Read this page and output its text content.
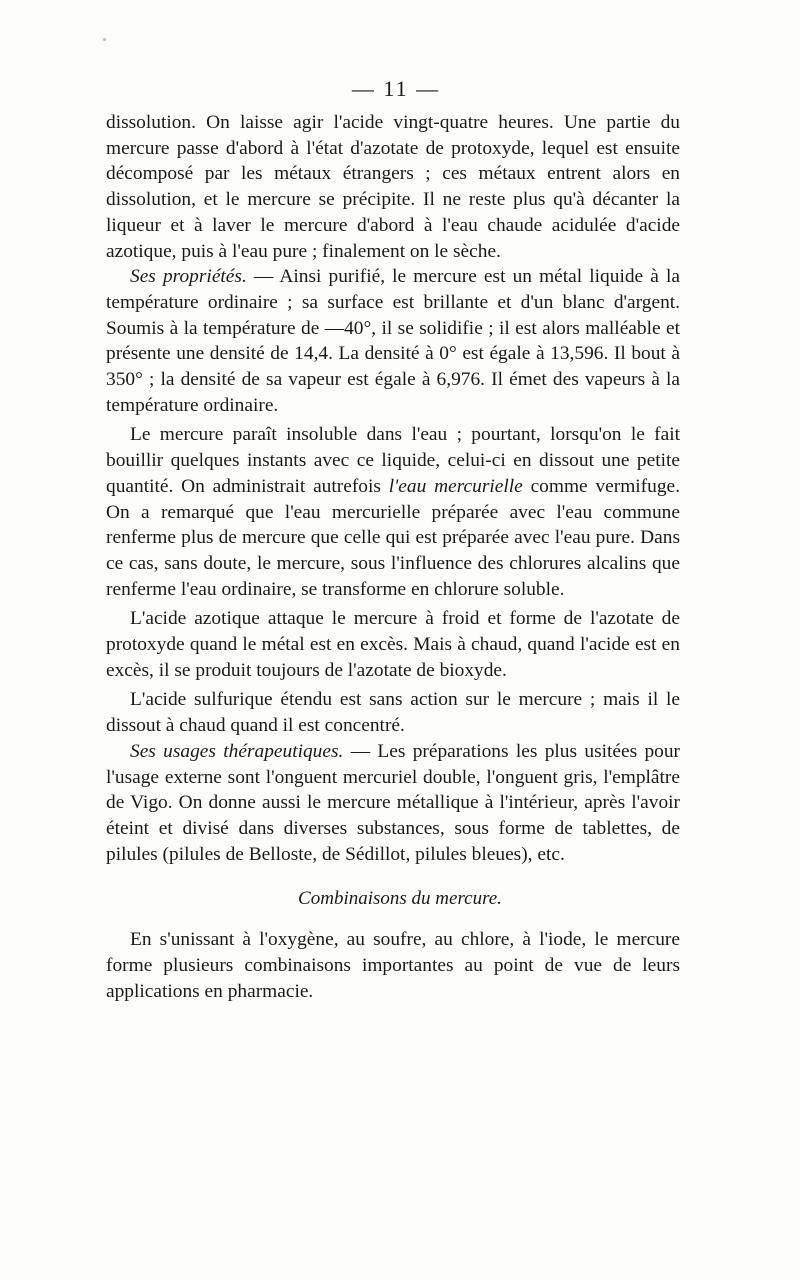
— 11 —

dissolution. On laisse agir l'acide vingt-quatre heures. Une partie du mercure passe d'abord à l'état d'azotate de protoxyde, lequel est ensuite décomposé par les métaux étrangers ; ces métaux entrent alors en dissolution, et le mercure se précipite. Il ne reste plus qu'à décanter la liqueur et à laver le mercure d'abord à l'eau chaude acidulée d'acide azotique, puis à l'eau pure ; finalement on le sèche.

Ses propriétés. — Ainsi purifié, le mercure est un métal liquide à la température ordinaire ; sa surface est brillante et d'un blanc d'argent. Soumis à la température de —40°, il se solidifie ; il est alors malléable et présente une densité de 14,4. La densité à 0° est égale à 13,596. Il bout à 350° ; la densité de sa vapeur est égale à 6,976. Il émet des vapeurs à la température ordinaire.

Le mercure paraît insoluble dans l'eau ; pourtant, lorsqu'on le fait bouillir quelques instants avec ce liquide, celui-ci en dissout une petite quantité. On administrait autrefois l'eau mercurielle comme vermifuge. On a remarqué que l'eau mercurielle préparée avec l'eau commune renferme plus de mercure que celle qui est préparée avec l'eau pure. Dans ce cas, sans doute, le mercure, sous l'influence des chlorures alcalins que renferme l'eau ordinaire, se transforme en chlorure soluble.

L'acide azotique attaque le mercure à froid et forme de l'azotate de protoxyde quand le métal est en excès. Mais à chaud, quand l'acide est en excès, il se produit toujours de l'azotate de bioxyde.

L'acide sulfurique étendu est sans action sur le mercure ; mais il le dissout à chaud quand il est concentré.

Ses usages thérapeutiques. — Les préparations les plus usitées pour l'usage externe sont l'onguent mercuriel double, l'onguent gris, l'emplâtre de Vigo. On donne aussi le mercure métallique à l'intérieur, après l'avoir éteint et divisé dans diverses substances, sous forme de tablettes, de pilules (pilules de Belloste, de Sédillot, pilules bleues), etc.

Combinaisons du mercure.

En s'unissant à l'oxygène, au soufre, au chlore, à l'iode, le mercure forme plusieurs combinaisons importantes au point de vue de leurs applications en pharmacie.
